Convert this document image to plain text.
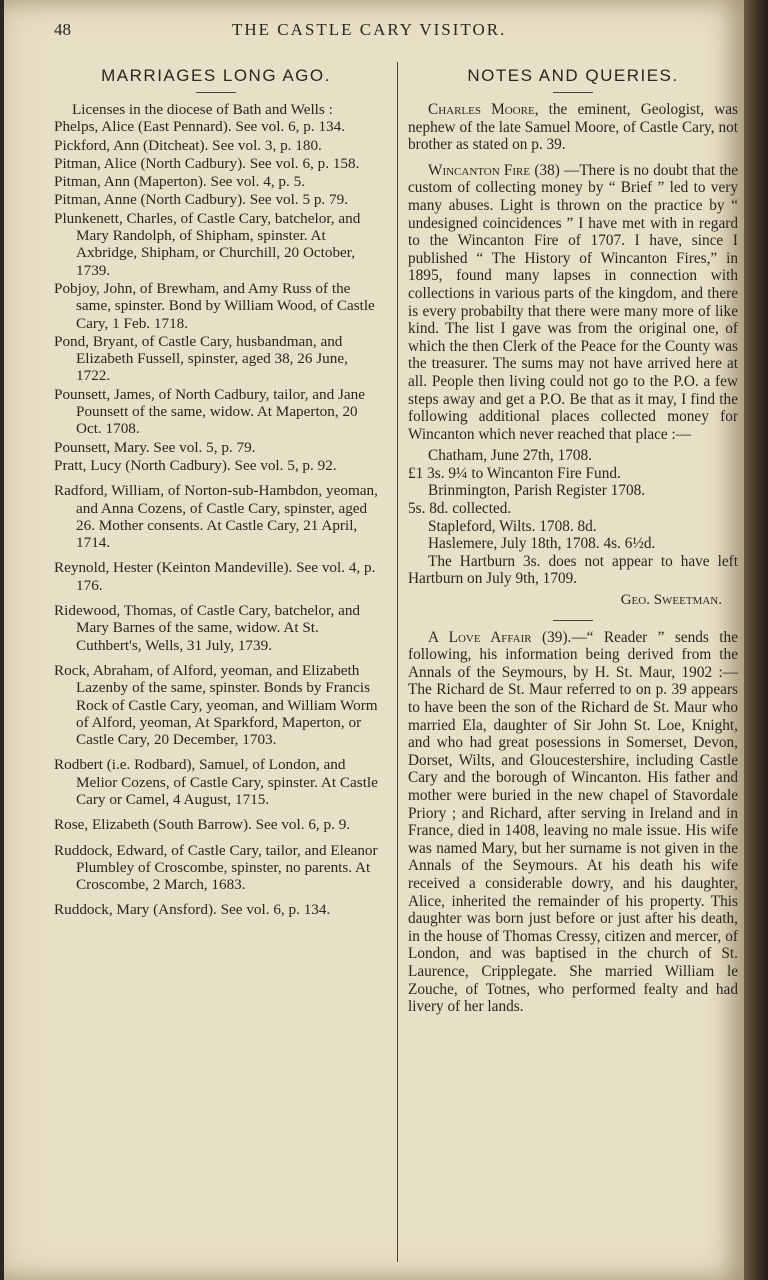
48	THE CASTLE CARY VISITOR.
MARRIAGES LONG AGO.

Licenses in the diocese of Bath and Wells :

Phelps, Alice (East Pennard). See vol. 6, p. 134.

Pickford, Ann (Ditcheat). See vol. 3, p. 180.

Pitman, Alice (North Cadbury). See vol. 6, p. 158.

Pitman, Ann (Maperton). See vol. 4, p. 5.

Pitman, Anne (North Cadbury). See vol. 5 p. 79.

Plunkenett, Charles, of Castle Cary, batchelor, and Mary Randolph, of Shipham, spinster. At Axbridge, Shipham, or Churchill, 20 October, 1739.

Pobjoy, John, of Brewham, and Amy Russ of the same, spinster. Bond by William Wood, of Castle Cary, 1 Feb. 1718.

Pond, Bryant, of Castle Cary, husbandman, and Elizabeth Fussell, spinster, aged 38, 26 June, 1722.

Pounsett, James, of North Cadbury, tailor, and Jane Pounsett of the same, widow. At Maperton, 20 Oct. 1708.

Pounsett, Mary. See vol. 5, p. 79.

Pratt, Lucy (North Cadbury). See vol. 5, p. 92.

Radford, William, of Norton-sub-Hambdon, yeoman, and Anna Cozens, of Castle Cary, spinster, aged 26. Mother consents. At Castle Cary, 21 April, 1714.

Reynold, Hester (Keinton Mandeville). See vol. 4, p. 176.

Ridewood, Thomas, of Castle Cary, batchelor, and Mary Barnes of the same, widow. At St. Cuthbert's, Wells, 31 July, 1739.

Rock, Abraham, of Alford, yeoman, and Elizabeth Lazenby of the same, spinster. Bonds by Francis Rock of Castle Cary, yeoman, and William Worm of Alford, yeoman, At Sparkford, Maperton, or Castle Cary, 20 December, 1703.

Rodbert (i.e. Rodbard), Samuel, of London, and Melior Cozens, of Castle Cary, spinster. At Castle Cary or Camel, 4 August, 1715.

Rose, Elizabeth (South Barrow). See vol. 6, p. 9.

Ruddock, Edward, of Castle Cary, tailor, and Eleanor Plumbley of Croscombe, spinster, no parents. At Croscombe, 2 March, 1683.

Ruddock, Mary (Ansford). See vol. 6, p. 134.

NOTES AND QUERIES.

Charles Moore, the eminent, Geologist, was nephew of the late Samuel Moore, of Castle Cary, not brother as stated on p. 39.

Wincanton Fire (38) —There is no doubt that the custom of collecting money by “ Brief ” led to very many abuses. Light is thrown on the practice by “ undesigned coincidences ” I have met with in regard to the Wincanton Fire of 1707. I have, since I published “ The History of Wincanton Fires,” in 1895, found many lapses in connection with collections in various parts of the kingdom, and there is every probabilty that there were many more of like kind. The list I gave was from the original one, of which the then Clerk of the Peace for the County was the treasurer. The sums may not have arrived here at all. People then living could not go to the P.O. a few steps away and get a P.O. Be that as it may, I find the following additional places collected money for Wincanton which never reached that place :—

Chatham, June 27th, 1708.

£1 3s. 9¼ to Wincanton Fire Fund.

Brinmington, Parish Register 1708.

5s. 8d. collected.

Stapleford, Wilts. 1708. 8d.

Haslemere, July 18th, 1708. 4s. 6½d.

The Hartburn 3s. does not appear to have left Hartburn on July 9th, 1709.

Geo. Sweetman.

A Love Affair (39).—“ Reader ” sends the following, his information being derived from the Annals of the Seymours, by H. St. Maur, 1902 :—The Richard de St. Maur referred to on p. 39 appears to have been the son of the Richard de St. Maur who married Ela, daughter of Sir John St. Loe, Knight, and who had great posessions in Somerset, Devon, Dorset, Wilts, and Gloucestershire, including Castle Cary and the borough of Wincanton. His father and mother were buried in the new chapel of Stavordale Priory ; and Richard, after serving in Ireland and in France, died in 1408, leaving no male issue. His wife was named Mary, but her surname is not given in the Annals of the Seymours. At his death his wife received a considerable dowry, and his daughter, Alice, inherited the remainder of his property. This daughter was born just before or just after his death, in the house of Thomas Cressy, citizen and mercer, of London, and was baptised in the church of St. Laurence, Cripplegate. She married William le Zouche, of Totnes, who performed fealty and had livery of her lands.
